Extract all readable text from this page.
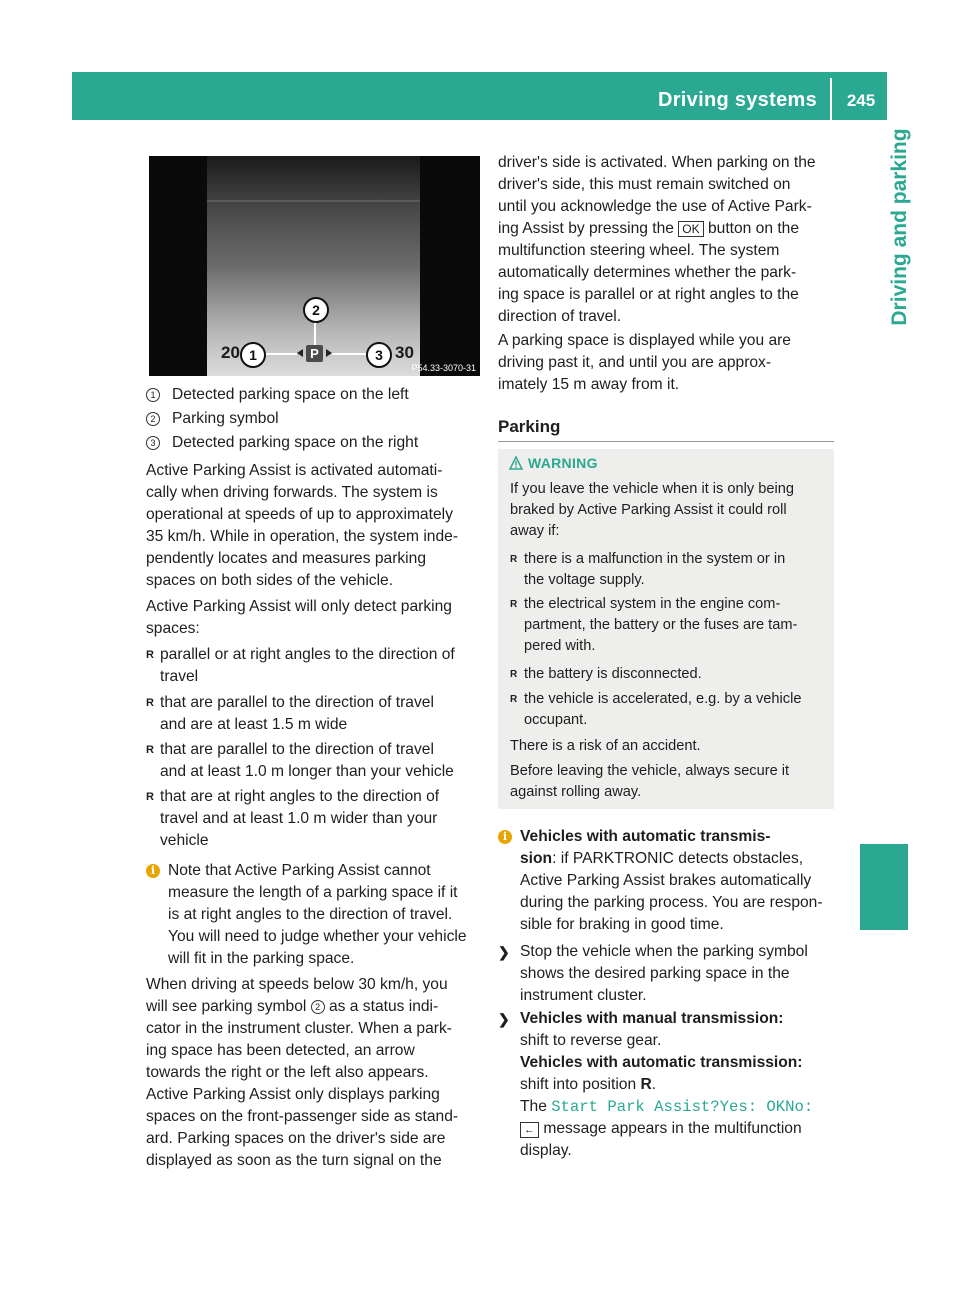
Driving systems	245
Driving and parking
20	30
P
1
2
3
P54.33-3070-31
1 Detected parking space on the left
2 Parking symbol
3 Detected parking space on the right
Active Parking Assist is activated automati-
cally when driving forwards. The system is
operational at speeds of up to approximately
35 km/h. While in operation, the system inde-
pendently locates and measures parking
spaces on both sides of the vehicle.
Active Parking Assist will only detect parking
spaces:
R parallel or at right angles to the direction of
travel
R that are parallel to the direction of travel
and are at least 1.5 m wide
R that are parallel to the direction of travel
and at least 1.0 m longer than your vehicle
R that are at right angles to the direction of
travel and at least 1.0 m wider than your
vehicle
i Note that Active Parking Assist cannot
measure the length of a parking space if it
is at right angles to the direction of travel.
You will need to judge whether your vehicle
will fit in the parking space.
When driving at speeds below 30 km/h, you
will see parking symbol 2 as a status indi-
cator in the instrument cluster. When a park-
ing space has been detected, an arrow
towards the right or the left also appears.
Active Parking Assist only displays parking
spaces on the front-passenger side as stand-
ard. Parking spaces on the driver's side are
displayed as soon as the turn signal on the
driver's side is activated. When parking on the
driver's side, this must remain switched on
until you acknowledge the use of Active Park-
ing Assist by pressing the OK button on the
multifunction steering wheel. The system
automatically determines whether the park-
ing space is parallel or at right angles to the
direction of travel.
A parking space is displayed while you are
driving past it, and until you are approx-
imately 15 m away from it.
Parking
WARNING
If you leave the vehicle when it is only being
braked by Active Parking Assist it could roll
away if:
R there is a malfunction in the system or in
the voltage supply.
R the electrical system in the engine com-
partment, the battery or the fuses are tam-
pered with.
R the battery is disconnected.
R the vehicle is accelerated, e.g. by a vehicle
occupant.
There is a risk of an accident.
Before leaving the vehicle, always secure it
against rolling away.
i Vehicles with automatic transmis-
sion: if PARKTRONIC detects obstacles,
Active Parking Assist brakes automatically
during the parking process. You are respon-
sible for braking in good time.
❯ Stop the vehicle when the parking symbol
shows the desired parking space in the
instrument cluster.
❯ Vehicles with manual transmission:
shift to reverse gear.
Vehicles with automatic transmission:
shift into position R.
The Start Park Assist?Yes: OKNo:
← message appears in the multifunction
display.
